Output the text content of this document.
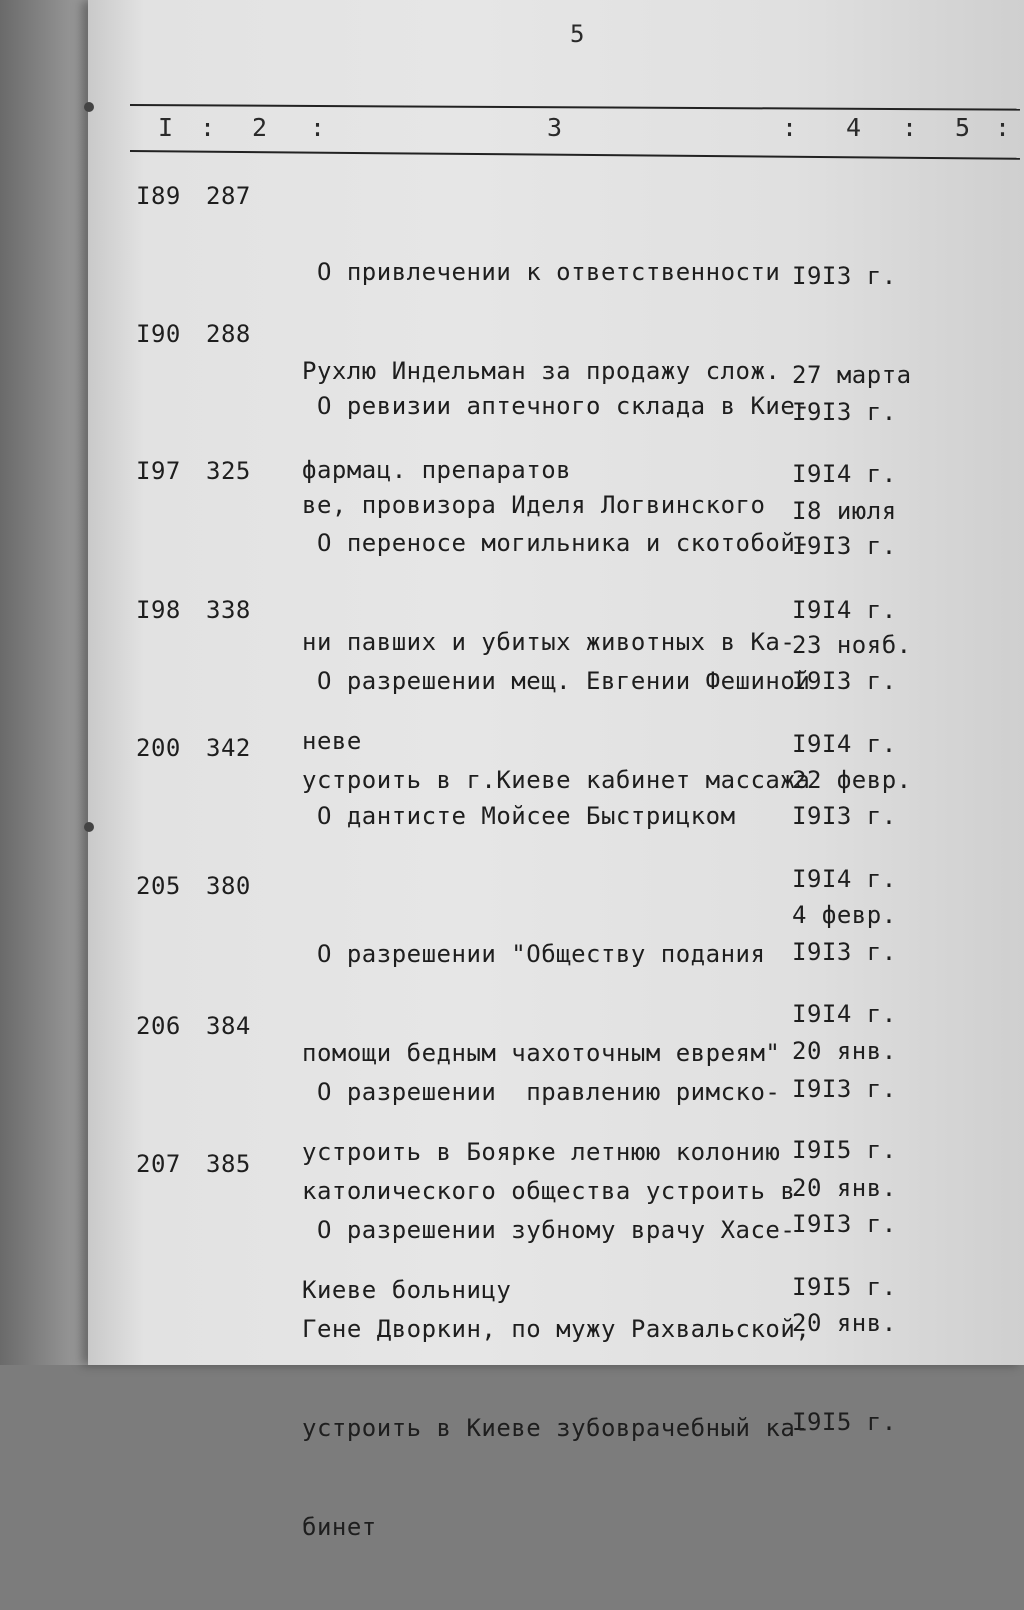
5
I : 2 :	3	: 4 : 5 :
I89 287

О привлечении к ответственности

Рухлю Индельман за продажу слож.

фармац. препаратов

I9I3 г.

27 марта

I9I4 г.

I90 288

О ревизии аптечного склада в Кие-

ве, провизора Иделя Логвинского

I9I3 г.

I8 июля

I9I4 г.

I97 325

О переносе могильника и скотобой-

ни павших и убитых животных в Ка-

неве

I9I3 г.

23 нояб.

I9I4 г.

I98 338

О разрешении мещ. Евгении Фешиной

устроить в г.Киеве кабинет массажа

I9I3 г.

22 февр.

I9I4 г.

200 342

О дантисте Мойсее Быстрицком

I9I3 г.

4 февр.

I9I4 г.

205 380

О разрешении "Обществу подания

помощи бедным чахоточным евреям"

устроить в Боярке летнюю колонию

I9I3 г.

20 янв.

I9I5 г.

206 384

О разрешении  правлению римско-

католического общества устроить в

Киеве больницу

I9I3 г.

20 янв.

I9I5 г.

207 385

О разрешении зубному врачу Хасе-

Гене Дворкин, по мужу Рахвальской,

устроить в Киеве зубоврачебный ка-

бинет

I9I3 г.

20 янв.

I9I5 г.
